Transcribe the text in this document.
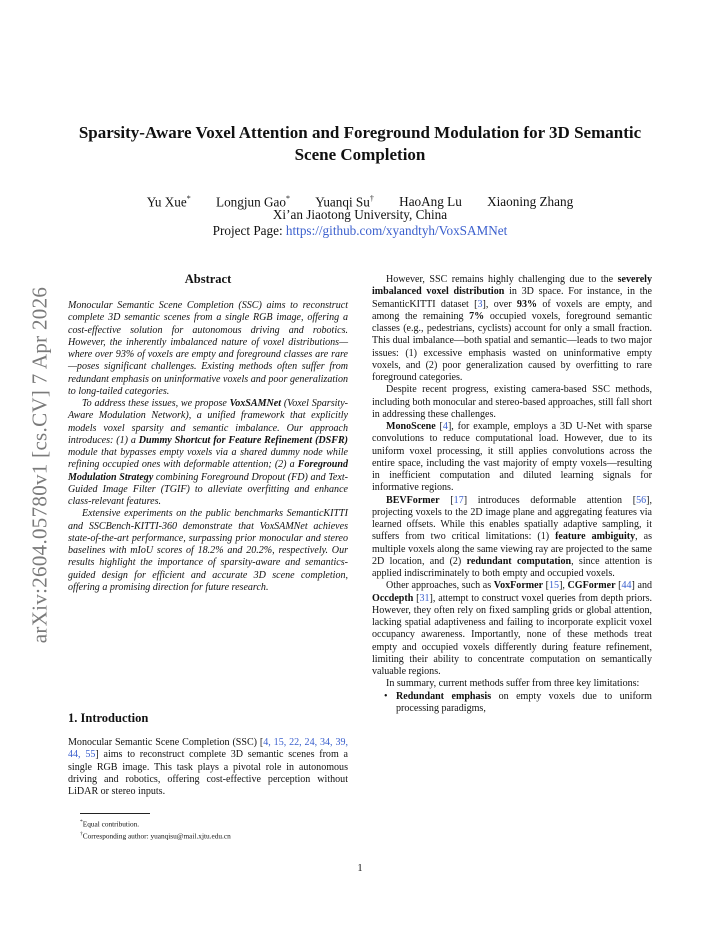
Sparsity-Aware Voxel Attention and Foreground Modulation for 3D Semantic Scene Completion
Yu Xue* Longjun Gao* Yuanqi Su† HaoAng Lu Xiaoning Zhang
Xi’an Jiaotong University, China
Project Page: https://github.com/xyandtyh/VoxSAMNet
arXiv:2604.05780v1 [cs.CV] 7 Apr 2026
Abstract

Monocular Semantic Scene Completion (SSC) aims to reconstruct complete 3D semantic scenes from a single RGB image, offering a cost-effective solution for autonomous driving and robotics. However, the inherently imbalanced nature of voxel distributions—where over 93% of voxels are empty and foreground classes are rare—poses significant challenges. Existing methods often suffer from redundant emphasis on uninformative voxels and poor generalization to long-tailed categories.

To address these issues, we propose VoxSAMNet (Voxel Sparsity-Aware Modulation Network), a unified framework that explicitly models voxel sparsity and semantic imbalance. Our approach introduces: (1) a Dummy Shortcut for Feature Refinement (DSFR) module that bypasses empty voxels via a shared dummy node while refining occupied ones with deformable attention; (2) a Foreground Modulation Strategy combining Foreground Dropout (FD) and Text-Guided Image Filter (TGIF) to alleviate overfitting and enhance class-relevant features.

Extensive experiments on the public benchmarks SemanticKITTI and SSCBench-KITTI-360 demonstrate that VoxSAMNet achieves state-of-the-art performance, surpassing prior monocular and stereo baselines with mIoU scores of 18.2% and 20.2%, respectively. Our results highlight the importance of sparsity-aware and semantics-guided design for efficient and accurate 3D scene completion, offering a promising direction for future research.

1. Introduction

Monocular Semantic Scene Completion (SSC) [4, 15, 22, 24, 34, 39, 44, 55] aims to reconstruct complete 3D semantic scenes from a single RGB image. This task plays a pivotal role in autonomous driving and robotics, offering cost-effective perception without LiDAR or stereo inputs.

*Equal contribution.
†Corresponding author: yuanqisu@mail.xjtu.edu.cn

However, SSC remains highly challenging due to the severely imbalanced voxel distribution in 3D space. For instance, in the SemanticKITTI dataset [3], over 93% of voxels are empty, and among the remaining 7% occupied voxels, foreground semantic classes (e.g., pedestrians, cyclists) account for only a small fraction. This dual imbalance—both spatial and semantic—leads to two major issues: (1) excessive emphasis wasted on uninformative empty voxels, and (2) poor generalization caused by overfitting to rare foreground categories.

Despite recent progress, existing camera-based SSC methods, including both monocular and stereo-based approaches, still fall short in addressing these challenges.

MonoScene [4], for example, employs a 3D U-Net with sparse convolutions to reduce computational load. However, due to its uniform voxel processing, it still applies convolutions across the entire space, including the vast majority of empty voxels—resulting in inefficient computation and diluted learning signals for informative regions.

BEVFormer [17] introduces deformable attention [56], projecting voxels to the 2D image plane and aggregating features via learned offsets. While this enables spatially adaptive sampling, it suffers from two critical limitations: (1) feature ambiguity, as multiple voxels along the same viewing ray are projected to the same 2D location, and (2) redundant computation, since attention is applied indiscriminately to both empty and occupied voxels.

Other approaches, such as VoxFormer [15], CGFormer [44] and Occdepth [31], attempt to construct voxel queries from depth priors. However, they often rely on fixed sampling grids or global attention, lacking spatial adaptiveness and failing to incorporate explicit voxel occupancy awareness. Importantly, none of these methods treat empty and occupied voxels differently during feature refinement, limiting their ability to concentrate computation on semantically valuable regions.

In summary, current methods suffer from three key limitations:

• Redundant emphasis on empty voxels due to uniform processing paradigms,
1
